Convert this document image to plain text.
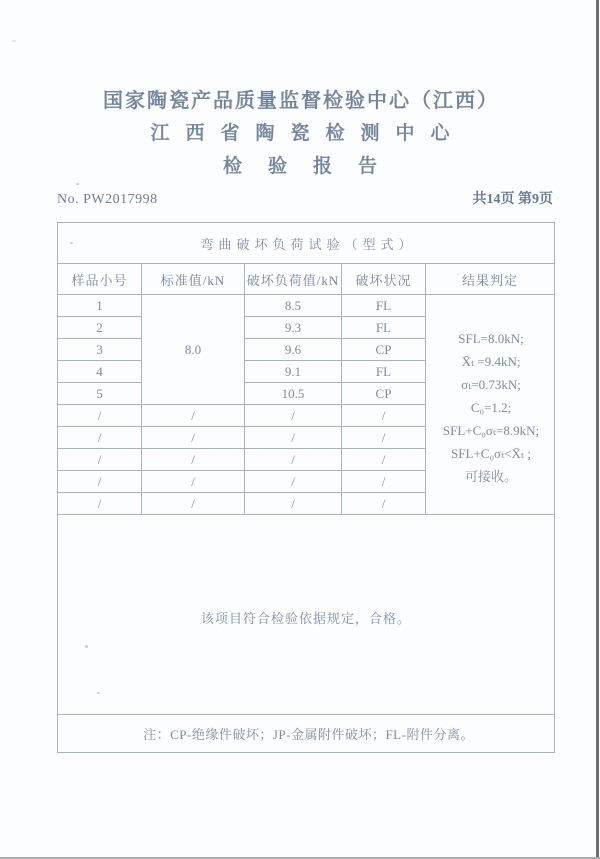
国家陶瓷产品质量监督检验中心（江西）
江西省陶瓷检测中心
检验报告
No. PW2017998	共14页 第9页
弯曲破坏负荷试验（型式）				
样品小号	标准值/kN	破坏负荷值/kN	破坏状况	结果判定
1	8.0	8.5	FL	
SFL=8.0kN;
X̄ₜ =9.4kN;
σₜ=0.73kN;
C₀=1.2;
SFL+C₀σₜ=8.9kN;
SFL+C₀σₜ<X̄ₜ ;
可接收。

2		9.3	FL	
3		9.6	CP	
4		9.1	FL	
5		10.5	CP	
/	/	/	/	
/	/	/	/	
/	/	/	/	
/	/	/	/	
/	/	/	/	
该项目符合检验依据规定，合格。				
注：CP-绝缘件破坏；JP-金属附件破坏；FL-附件分离。				
